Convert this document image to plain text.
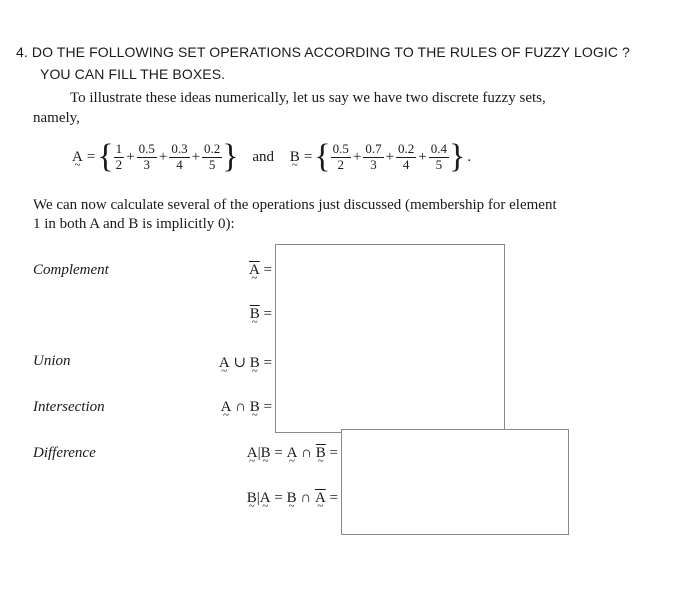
4. DO THE FOLLOWING SET OPERATIONS ACCORDING TO THE RULES OF FUZZY LOGIC ?
YOU CAN FILL THE BOXES.
To illustrate these ideas numerically, let us say we have two discrete fuzzy sets,
namely,
A ~ ={ $\frac{1}{2} + \frac{0.5}{3} + \frac{0.3}{4} + \frac{0.2}{5}$ } and B ~ ={ $\frac{0.5}{2} + \frac{0.7}{3} + \frac{0.2}{4} + \frac{0.4}{5}$ } .
We can now calculate several of the operations just discussed (membership for element
1 in both A and B is implicitly 0):
Complement
Union
Intersection
Difference
$\overline{A}$ ~ =
$\overline{B}$ ~ =
A ~ ∪ B ~ =
A ~ ∩ B ~ =
A ~|B ~ = A ~ ∩ $\overline{B}$ ~ =
B ~|A ~ = B ~ ∩ $\overline{A}$ ~ =
